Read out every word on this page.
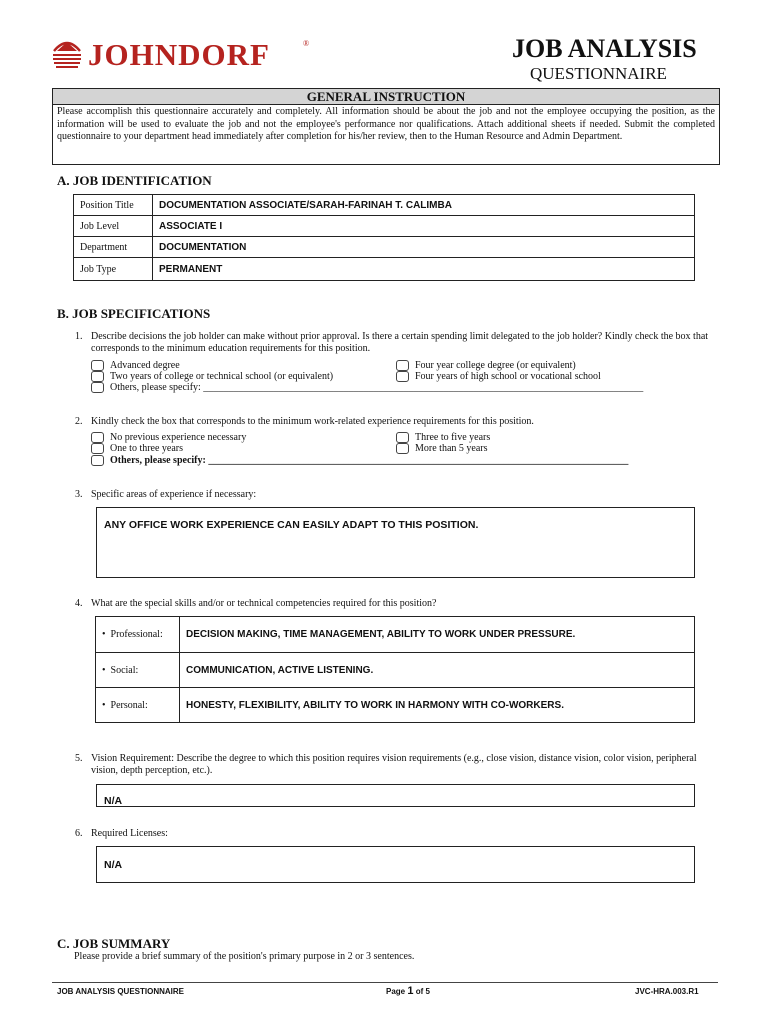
JOHNDORF	®	JOB ANALYSIS
QUESTIONNAIRE
GENERAL INSTRUCTION
Please accomplish this questionnaire accurately and completely. All information should be about the job and not the employee occupying the position, as the information will be used to evaluate the job and not the employee's performance nor qualifications. Attach additional sheets if needed. Submit the completed questionnaire to your department head immediately after completion for his/her review, then to the Human Resource and Admin Department.
A. JOB IDENTIFICATION
Position Title	DOCUMENTATION ASSOCIATE/SARAH-FARINAH T. CALIMBA
Job Level	ASSOCIATE I
Department	DOCUMENTATION
Job Type	PERMANENT
B. JOB SPECIFICATIONS
1. Describe decisions the job holder can make without prior approval. Is there a certain spending limit delegated to the job holder? Kindly check the box that corresponds to the minimum education requirements for this position.
Advanced degree	Four year college degree (or equivalent)
Two years of college or technical school (or equivalent)	Four years of high school or vocational school
Others, please specify: ________________________________________________________________________________________
2. Kindly check the box that corresponds to the minimum work-related experience requirements for this position.
No previous experience necessary	Three to five years
One to three years	More than 5 years
Others, please specify: ____________________________________________________________________________________
3. Specific areas of experience if necessary:
ANY OFFICE WORK EXPERIENCE CAN EASILY ADAPT TO THIS POSITION.
4. What are the special skills and/or or technical competencies required for this position?
•  Professional:	DECISION MAKING, TIME MANAGEMENT, ABILITY TO WORK UNDER PRESSURE.
•  Social:	COMMUNICATION, ACTIVE LISTENING.
•  Personal:	HONESTY, FLEXIBILITY, ABILITY TO WORK IN HARMONY WITH CO-WORKERS.
5. Vision Requirement: Describe the degree to which this position requires vision requirements (e.g., close vision, distance vision, color vision, peripheral vision, depth perception, etc.).
N/A
6. Required Licenses:
N/A
C. JOB SUMMARY
Please provide a brief summary of the position's primary purpose in 2 or 3 sentences.
JOB ANALYSIS QUESTIONNAIRE	Page 1 of 5	JVC-HRA.003.R1
